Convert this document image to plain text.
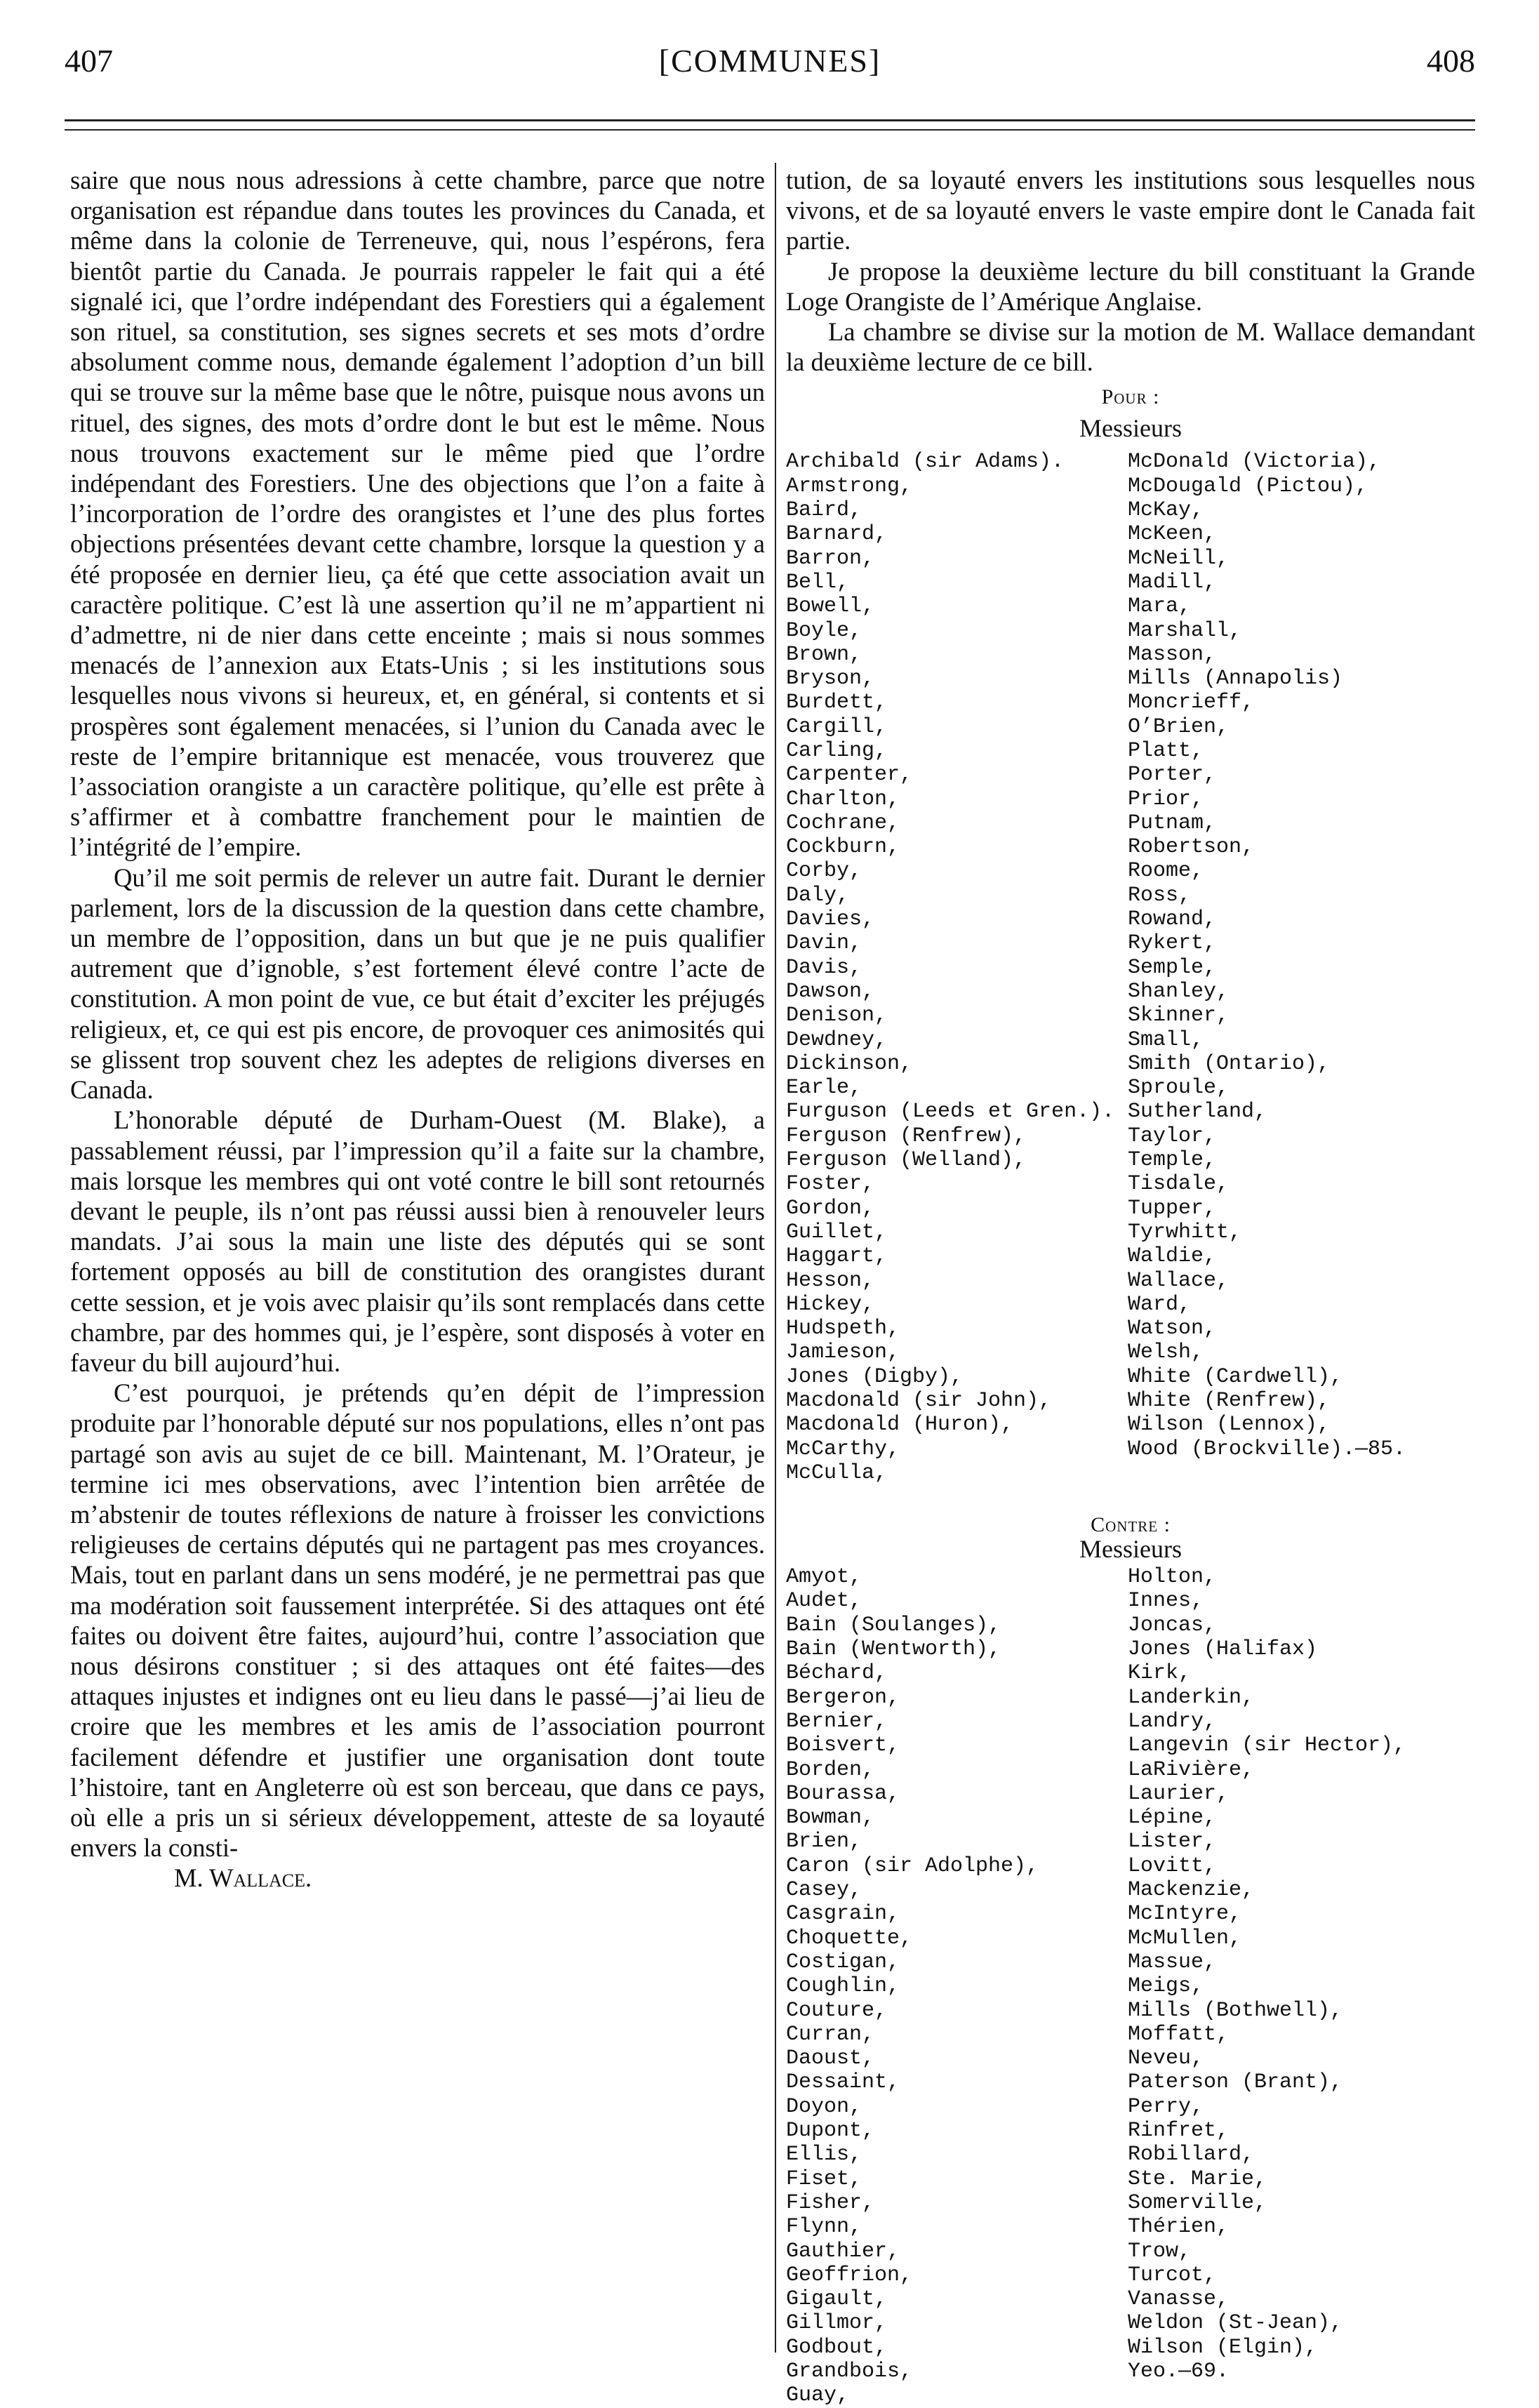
407	[COMMUNES]	408

saire que nous nous adressions à cette chambre, parce que notre organisation est répandue dans toutes les provinces du Canada, et même dans la colonie de Terreneuve, qui, nous l’espérons, fera bientôt partie du Canada. Je pourrais rappeler le fait qui a été signalé ici, que l’ordre indépendant des Forestiers qui a également son rituel, sa constitution, ses signes secrets et ses mots d’ordre absolument comme nous, demande également l’adoption d’un bill qui se trouve sur la même base que le nôtre, puisque nous avons un rituel, des signes, des mots d’ordre dont le but est le même. Nous nous trouvons exactement sur le même pied que l’ordre indépendant des Forestiers. Une des objections que l’on a faite à l’incorporation de l’ordre des orangistes et l’une des plus fortes objections présentées devant cette chambre, lorsque la question y a été proposée en dernier lieu, ça été que cette association avait un caractère politique. C’est là une assertion qu’il ne m’appartient ni d’admettre, ni de nier dans cette enceinte ; mais si nous sommes menacés de l’annexion aux Etats-Unis ; si les institutions sous lesquelles nous vivons si heureux, et, en général, si contents et si prospères sont également menacées, si l’union du Canada avec le reste de l’empire britannique est menacée, vous trouverez que l’association orangiste a un caractère politique, qu’elle est prête à s’affirmer et à combattre franchement pour le maintien de l’intégrité de l’empire.

Qu’il me soit permis de relever un autre fait. Durant le dernier parlement, lors de la discussion de la question dans cette chambre, un membre de l’opposition, dans un but que je ne puis qualifier autrement que d’ignoble, s’est fortement élevé contre l’acte de constitution. A mon point de vue, ce but était d’exciter les préjugés religieux, et, ce qui est pis encore, de provoquer ces animosités qui se glissent trop souvent chez les adeptes de religions diverses en Canada.

L’honorable député de Durham-Ouest (M. Blake), a passablement réussi, par l’impression qu’il a faite sur la chambre, mais lorsque les membres qui ont voté contre le bill sont retournés devant le peuple, ils n’ont pas réussi aussi bien à renouveler leurs mandats. J’ai sous la main une liste des députés qui se sont fortement opposés au bill de constitution des orangistes durant cette session, et je vois avec plaisir qu’ils sont remplacés dans cette chambre, par des hommes qui, je l’espère, sont disposés à voter en faveur du bill aujourd’hui.

C’est pourquoi, je prétends qu’en dépit de l’impression produite par l’honorable député sur nos populations, elles n’ont pas partagé son avis au sujet de ce bill. Maintenant, M. l’Orateur, je termine ici mes observations, avec l’intention bien arrêtée de m’abstenir de toutes réflexions de nature à froisser les convictions religieuses de certains députés qui ne partagent pas mes croyances. Mais, tout en parlant dans un sens modéré, je ne permettrai pas que ma modération soit faussement interprétée. Si des attaques ont été faites ou doivent être faites, aujourd’hui, contre l’association que nous désirons constituer ; si des attaques ont été faites—des attaques injustes et indignes ont eu lieu dans le passé—j’ai lieu de croire que les membres et les amis de l’association pourront facilement défendre et justifier une organisation dont toute l’histoire, tant en Angleterre où est son berceau, que dans ce pays, où elle a pris un si sérieux développement, atteste de sa loyauté envers la consti-

M. Wallace.

tution, de sa loyauté envers les institutions sous lesquelles nous vivons, et de sa loyauté envers le vaste empire dont le Canada fait partie.

Je propose la deuxième lecture du bill constituant la Grande Loge Orangiste de l’Amérique Anglaise.

La chambre se divise sur la motion de M. Wallace demandant la deuxième lecture de ce bill.

Pour :
Messieurs
Archibald (sir Adams).
Armstrong,
Baird,
Barnard,
Barron,
Bell,
Bowell,
Boyle,
Brown,
Bryson,
Burdett,
Cargill,
Carling,
Carpenter,
Charlton,
Cochrane,
Cockburn,
Corby,
Daly,
Davies,
Davin,
Davis,
Dawson,
Denison,
Dewdney,
Dickinson,
Earle,
Furguson (Leeds et Gren.).
Ferguson (Renfrew),
Ferguson (Welland),
Foster,
Gordon,
Guillet,
Haggart,
Hesson,
Hickey,
Hudspeth,
Jamieson,
Jones (Digby),
Macdonald (sir John),
Macdonald (Huron),
McCarthy,
McCulla,
McDonald (Victoria),
McDougald (Pictou),
McKay,
McKeen,
McNeill,
Madill,
Mara,
Marshall,
Masson,
Mills (Annapolis)
Moncrieff,
O’Brien,
Platt,
Porter,
Prior,
Putnam,
Robertson,
Roome,
Ross,
Rowand,
Rykert,
Semple,
Shanley,
Skinner,
Small,
Smith (Ontario),
Sproule,
Sutherland,
Taylor,
Temple,
Tisdale,
Tupper,
Tyrwhitt,
Waldie,
Wallace,
Ward,
Watson,
Welsh,
White (Cardwell),
White (Renfrew),
Wilson (Lennox),
Wood (Brockville).—85.
Contre :
Messieurs
Amyot,
Audet,
Bain (Soulanges),
Bain (Wentworth),
Béchard,
Bergeron,
Bernier,
Boisvert,
Borden,
Bourassa,
Bowman,
Brien,
Caron (sir Adolphe),
Casey,
Casgrain,
Choquette,
Costigan,
Coughlin,
Couture,
Curran,
Daoust,
Dessaint,
Doyon,
Dupont,
Ellis,
Fiset,
Fisher,
Flynn,
Gauthier,
Geoffrion,
Gigault,
Gillmor,
Godbout,
Grandbois,
Guay,
Holton,
Innes,
Joncas,
Jones (Halifax)
Kirk,
Landerkin,
Landry,
Langevin (sir Hector),
LaRivière,
Laurier,
Lépine,
Lister,
Lovitt,
Mackenzie,
McIntyre,
McMullen,
Massue,
Meigs,
Mills (Bothwell),
Moffatt,
Neveu,
Paterson (Brant),
Perry,
Rinfret,
Robillard,
Ste. Marie,
Somerville,
Thérien,
Trow,
Turcot,
Vanasse,
Weldon (St-Jean),
Wilson (Elgin),
Yeo.—69.
